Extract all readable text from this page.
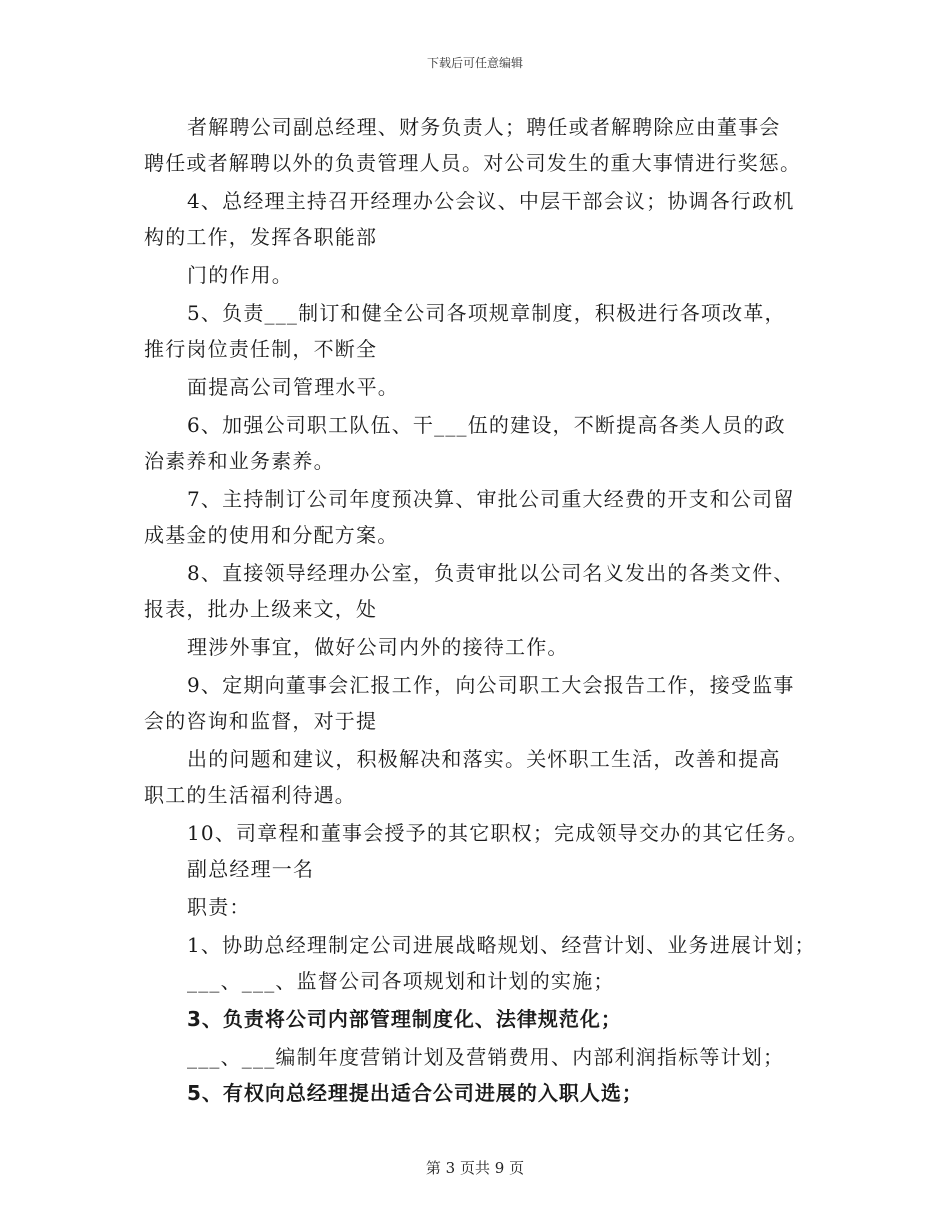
下载后可任意编辑
者解聘公司副总经理、财务负责人；聘任或者解聘除应由董事会
聘任或者解聘以外的负责管理人员。对公司发生的重大事情进行奖惩。
4、总经理主持召开经理办公会议、中层干部会议；协调各行政机
构的工作，发挥各职能部
门的作用。
5、负责___制订和健全公司各项规章制度，积极进行各项改革，
推行岗位责任制，不断全
面提高公司管理水平。
6、加强公司职工队伍、干___伍的建设，不断提高各类人员的政
治素养和业务素养。
7、主持制订公司年度预决算、审批公司重大经费的开支和公司留
成基金的使用和分配方案。
8、直接领导经理办公室，负责审批以公司名义发出的各类文件、
报表，批办上级来文，处
理涉外事宜，做好公司内外的接待工作。
9、定期向董事会汇报工作，向公司职工大会报告工作，接受监事
会的咨询和监督，对于提
出的问题和建议，积极解决和落实。关怀职工生活，改善和提高
职工的生活福利待遇。
10、司章程和董事会授予的其它职权；完成领导交办的其它任务。
副总经理一名
职责：
1、协助总经理制定公司进展战略规划、经营计划、业务进展计划；
___、___、监督公司各项规划和计划的实施；
3、负责将公司内部管理制度化、法律规范化；
___、___编制年度营销计划及营销费用、内部利润指标等计划；
5、有权向总经理提出适合公司进展的入职人选；
第 3 页共 9 页
